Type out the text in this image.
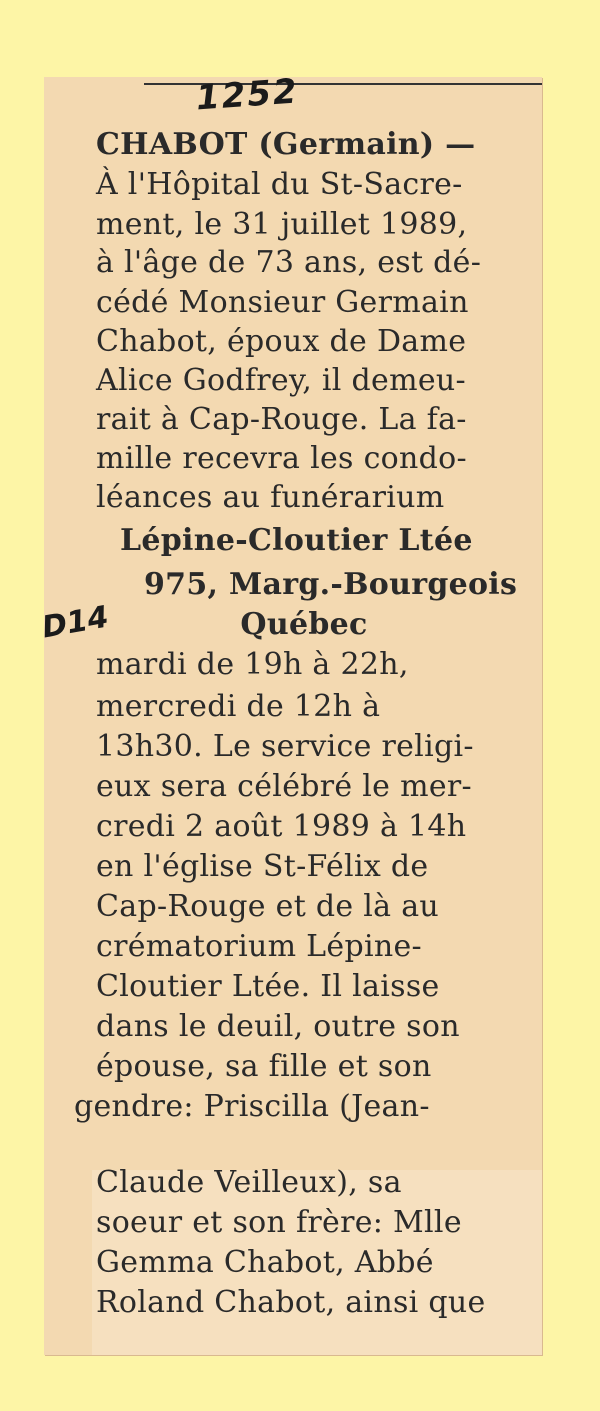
1252
D14
CHABOT (Germain) —
À l'Hôpital du St-Sacre-
ment, le 31 juillet 1989,
à l'âge de 73 ans, est dé-
cédé Monsieur Germain
Chabot, époux de Dame
Alice Godfrey, il demeu-
rait à Cap-Rouge. La fa-
mille recevra les condo-
léances au funérarium
Lépine-Cloutier Ltée
975, Marg.-Bourgeois
Québec
mardi de 19h à 22h,
mercredi de 12h à
13h30. Le service religi-
eux sera célébré le mer-
credi 2 août 1989 à 14h
en l'église St-Félix de
Cap-Rouge et de là au
crématorium Lépine-
Cloutier Ltée. Il laisse
dans le deuil, outre son
épouse, sa fille et son
gendre: Priscilla (Jean-
Claude Veilleux), sa
soeur et son frère: Mlle
Gemma Chabot, Abbé
Roland Chabot, ainsi que
